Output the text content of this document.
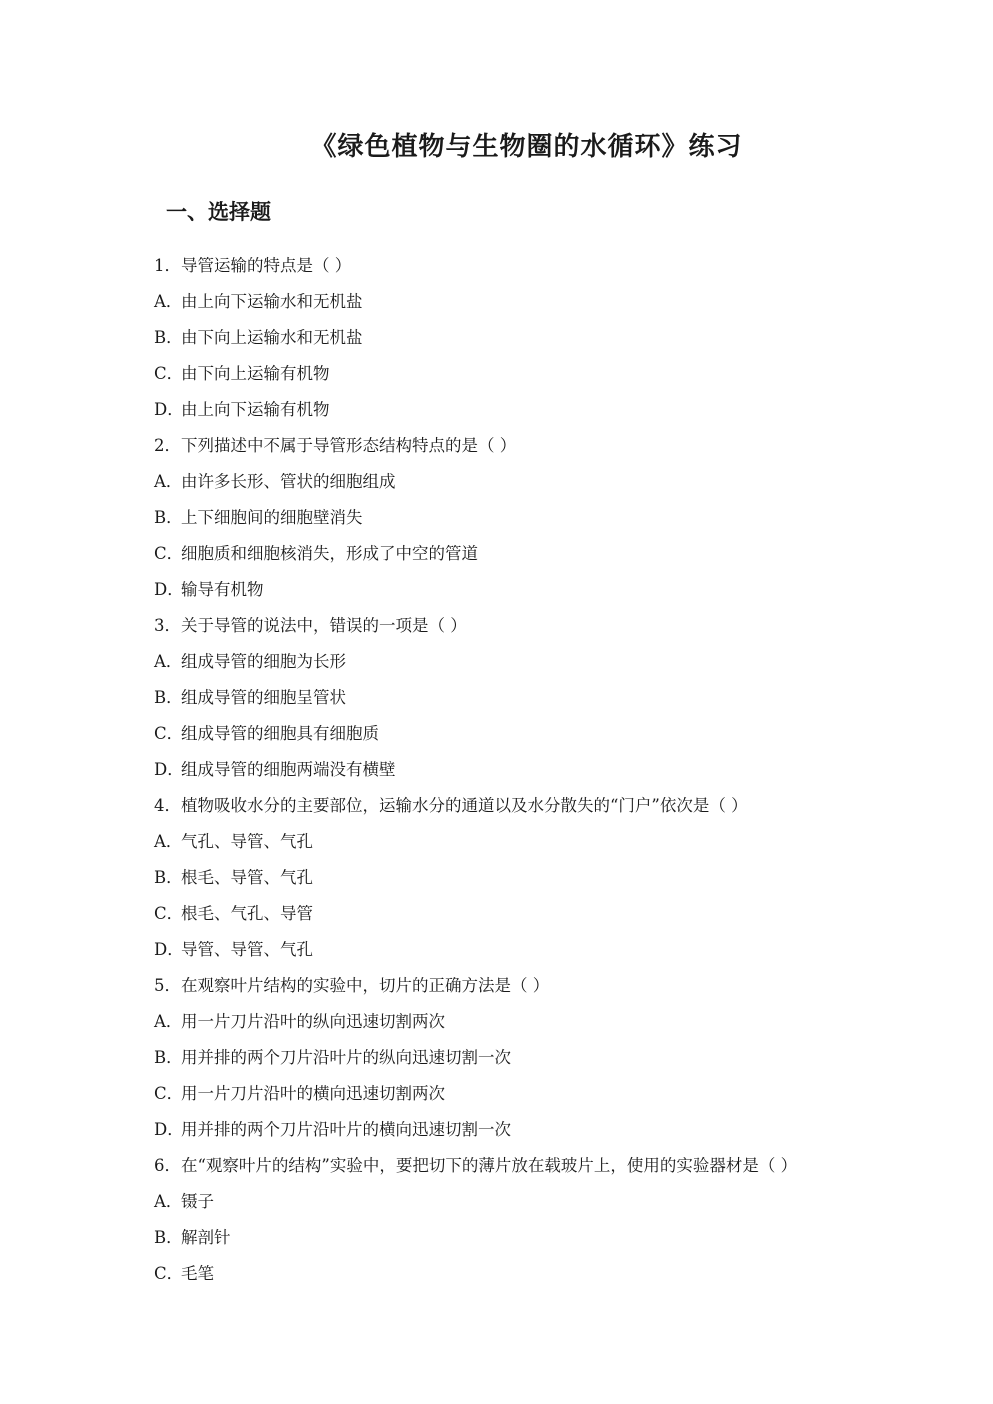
《绿色植物与生物圈的水循环》练习
一、选择题
1． 导管运输的特点是（ ）
A．
由上向下运输水和无机盐
B．
由下向上运输水和无机盐
C．
由下向上运输有机物
D．
由上向下运输有机物
2． 下列描述中不属于导管形态结构特点的是（ ）
A．
由许多长形、管状的细胞组成
B．
上下细胞间的细胞壁消失
C．
细胞质和细胞核消失，形成了中空的管道
D．
输导有机物
3． 关于导管的说法中，错误的一项是（ ）
A．
组成导管的细胞为长形
B．
组成导管的细胞呈管状
C．
组成导管的细胞具有细胞质
D．
组成导管的细胞两端没有横壁
4． 植物吸收水分的主要部位，运输水分的通道以及水分散失的“门户”依次是（ ）
A．
气孔、导管、气孔
B．
根毛、导管、气孔
C．
根毛、气孔、导管
D．
导管、导管、气孔
5． 在观察叶片结构的实验中，切片的正确方法是（ ）
A．
用一片刀片沿叶的纵向迅速切割两次
B．
用并排的两个刀片沿叶片的纵向迅速切割一次
C．
用一片刀片沿叶的横向迅速切割两次
D．
用并排的两个刀片沿叶片的横向迅速切割一次
6． 在“观察叶片的结构”实验中，要把切下的薄片放在载玻片上，使用的实验器材是（ ）
A．
镊子
B．
解剖针
C．
毛笔
